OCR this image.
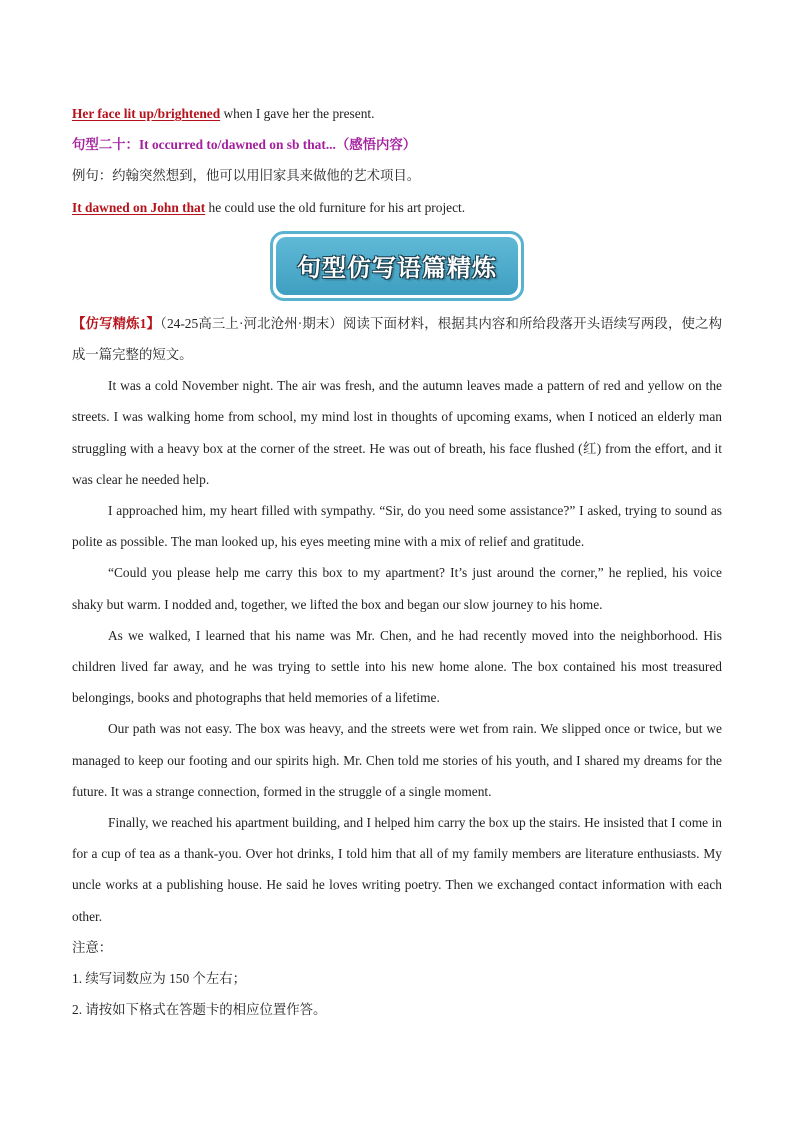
Her face lit up/brightened when I gave her the present.
句型二十：It occurred to/dawned on sb that...（感悟内容）
例句：约翰突然想到，他可以用旧家具来做他的艺术项目。
It dawned on John that he could use the old furniture for his art project.
句型仿写语篇精炼

【仿写精炼1】（24-25高三上·河北沧州·期末）阅读下面材料，根据其内容和所给段落开头语续写两段，使之构成一篇完整的短文。

It was a cold November night. The air was fresh, and the autumn leaves made a pattern of red and yellow on the streets. I was walking home from school, my mind lost in thoughts of upcoming exams, when I noticed an elderly man struggling with a heavy box at the corner of the street. He was out of breath, his face flushed (红) from the effort, and it was clear he needed help.

I approached him, my heart filled with sympathy. “Sir, do you need some assistance?” I asked, trying to sound as polite as possible. The man looked up, his eyes meeting mine with a mix of relief and gratitude.

“Could you please help me carry this box to my apartment? It’s just around the corner,” he replied, his voice shaky but warm. I nodded and, together, we lifted the box and began our slow journey to his home.

As we walked, I learned that his name was Mr. Chen, and he had recently moved into the neighborhood. His children lived far away, and he was trying to settle into his new home alone. The box contained his most treasured belongings, books and photographs that held memories of a lifetime.

Our path was not easy. The box was heavy, and the streets were wet from rain. We slipped once or twice, but we managed to keep our footing and our spirits high. Mr. Chen told me stories of his youth, and I shared my dreams for the future. It was a strange connection, formed in the struggle of a single moment.

Finally, we reached his apartment building, and I helped him carry the box up the stairs. He insisted that I come in for a cup of tea as a thank-you. Over hot drinks, I told him that all of my family members are literature enthusiasts. My uncle works at a publishing house. He said he loves writing poetry. Then we exchanged contact information with each other.

注意：
1. 续写词数应为 150 个左右；
2. 请按如下格式在答题卡的相应位置作答。
